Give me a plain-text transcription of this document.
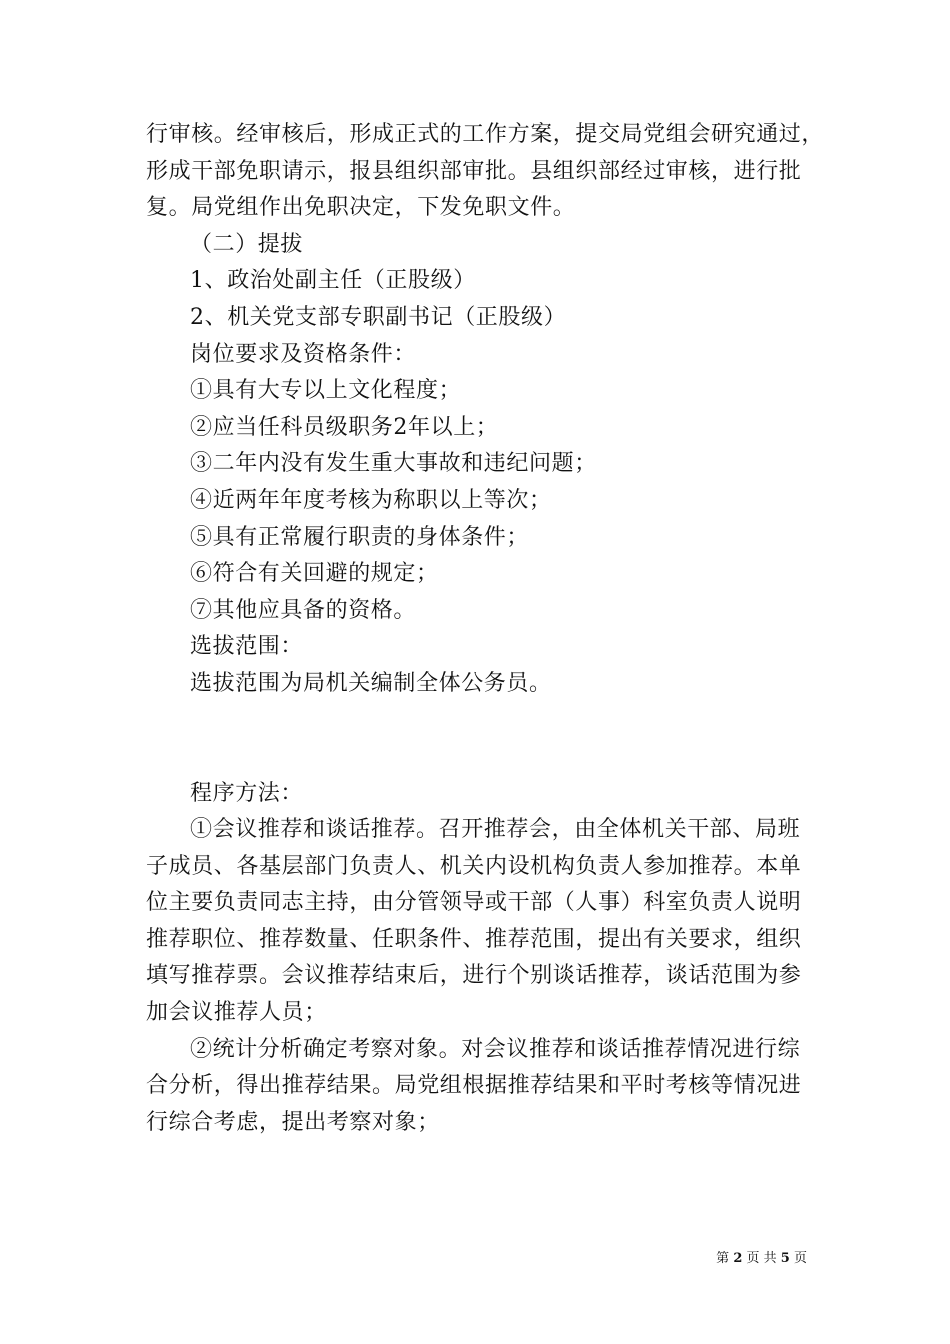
行审核。经审核后，形成正式的工作方案，提交局党组会研究通过，
形成干部免职请示，报县组织部审批。县组织部经过审核，进行批
复。局党组作出免职决定，下发免职文件。
（二）提拔
1、政治处副主任（正股级）
2、机关党支部专职副书记（正股级）
岗位要求及资格条件：
①具有大专以上文化程度；
②应当任科员级职务2年以上；
③二年内没有发生重大事故和违纪问题；
④近两年年度考核为称职以上等次；
⑤具有正常履行职责的身体条件；
⑥符合有关回避的规定；
⑦其他应具备的资格。
选拔范围：
选拔范围为局机关编制全体公务员。
程序方法：
①会议推荐和谈话推荐。召开推荐会，由全体机关干部、局班
子成员、各基层部门负责人、机关内设机构负责人参加推荐。本单
位主要负责同志主持，由分管领导或干部（人事）科室负责人说明
推荐职位、推荐数量、任职条件、推荐范围，提出有关要求，组织
填写推荐票。会议推荐结束后，进行个别谈话推荐，谈话范围为参
加会议推荐人员；
②统计分析确定考察对象。对会议推荐和谈话推荐情况进行综
合分析，得出推荐结果。局党组根据推荐结果和平时考核等情况进
行综合考虑，提出考察对象；
第 2 页 共 5 页
